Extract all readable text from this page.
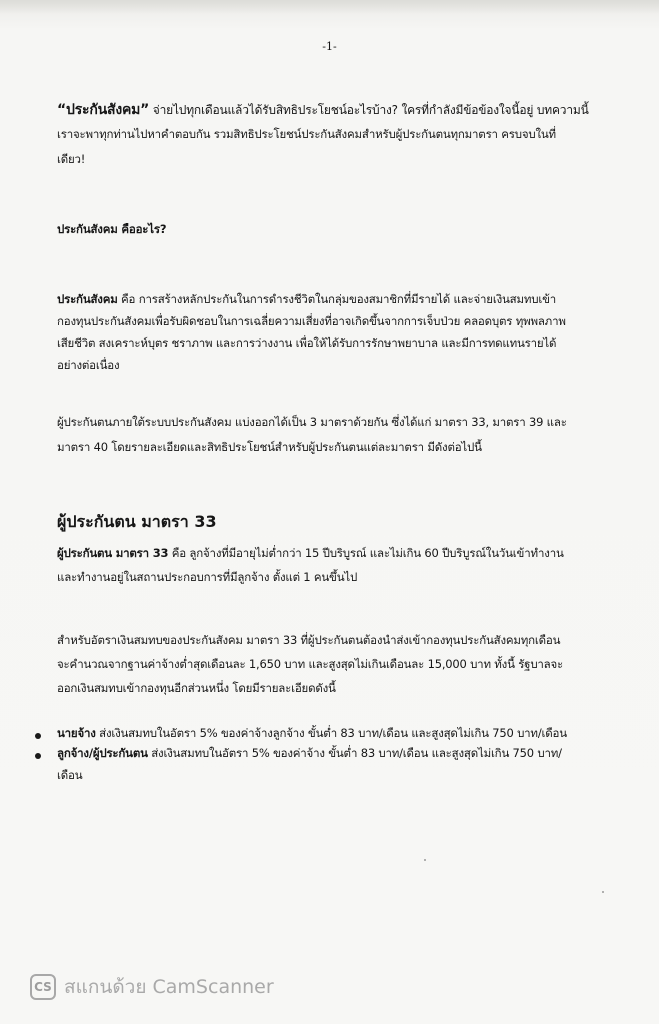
-1-
“ประกันสังคม” จ่ายไปทุกเดือนแล้วได้รับสิทธิประโยชน์อะไรบ้าง? ใครที่กำลังมีข้อข้องใจนี้อยู่ บทความนี้
เราจะพาทุกท่านไปหาคำตอบกัน รวมสิทธิประโยชน์ประกันสังคมสำหรับผู้ประกันตนทุกมาตรา ครบจบในที่
เดียว!
ประกันสังคม คืออะไร?
ประกันสังคม คือ การสร้างหลักประกันในการดำรงชีวิตในกลุ่มของสมาชิกที่มีรายได้ และจ่ายเงินสมทบเข้า
กองทุนประกันสังคมเพื่อรับผิดชอบในการเฉลี่ยความเสี่ยงที่อาจเกิดขึ้นจากการเจ็บป่วย คลอดบุตร ทุพพลภาพ
เสียชีวิต สงเคราะห์บุตร ชราภาพ และการว่างงาน เพื่อให้ได้รับการรักษาพยาบาล และมีการทดแทนรายได้
อย่างต่อเนื่อง
ผู้ประกันตนภายใต้ระบบประกันสังคม แบ่งออกได้เป็น 3 มาตราด้วยกัน ซึ่งได้แก่ มาตรา 33, มาตรา 39 และ
มาตรา 40 โดยรายละเอียดและสิทธิประโยชน์สำหรับผู้ประกันตนแต่ละมาตรา มีดังต่อไปนี้
ผู้ประกันตน มาตรา 33
ผู้ประกันตน มาตรา 33 คือ ลูกจ้างที่มีอายุไม่ต่ำกว่า 15 ปีบริบูรณ์ และไม่เกิน 60 ปีบริบูรณ์ในวันเข้าทำงาน
และทำงานอยู่ในสถานประกอบการที่มีลูกจ้าง ตั้งแต่ 1 คนขึ้นไป
สำหรับอัตราเงินสมทบของประกันสังคม มาตรา 33 ที่ผู้ประกันตนต้องนำส่งเข้ากองทุนประกันสังคมทุกเดือน
จะคำนวณจากฐานค่าจ้างต่ำสุดเดือนละ 1,650 บาท และสูงสุดไม่เกินเดือนละ 15,000 บาท ทั้งนี้ รัฐบาลจะ
ออกเงินสมทบเข้ากองทุนอีกส่วนหนึ่ง โดยมีรายละเอียดดังนี้
นายจ้าง ส่งเงินสมทบในอัตรา 5% ของค่าจ้างลูกจ้าง ขั้นต่ำ 83 บาท/เดือน และสูงสุดไม่เกิน 750 บาท/เดือน
ลูกจ้าง/ผู้ประกันตน ส่งเงินสมทบในอัตรา 5% ของค่าจ้าง ขั้นต่ำ 83 บาท/เดือน และสูงสุดไม่เกิน 750 บาท/
เดือน
CS สแกนด้วย CamScanner
